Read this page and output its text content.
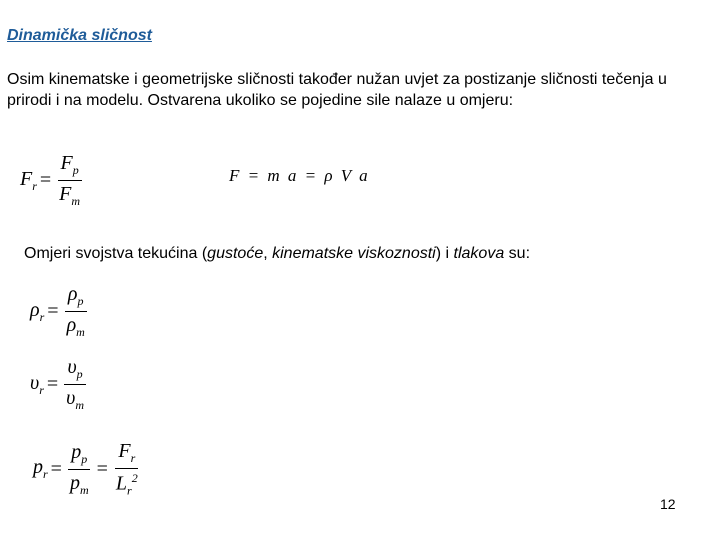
Dinamička sličnost
Osim kinematske i geometrijske sličnosti također nužan uvjet za postizanje sličnosti tečenja u prirodi i na modelu. Ostvarena ukoliko se pojedine sile nalaze u omjeru:
$F_r = \frac{F_p}{F_m}$	F = m a = ρ V a
Omjeri svojstva tekućina (gustoće, kinematske viskoznosti) i tlakova su:
$\rho_r = \frac{\rho_p}{\rho_m}$
$\upsilon_r = \frac{\upsilon_p}{\upsilon_m}$
$p_r = \frac{p_p}{p_m} = \frac{F_r}{L_r^2}$
12
